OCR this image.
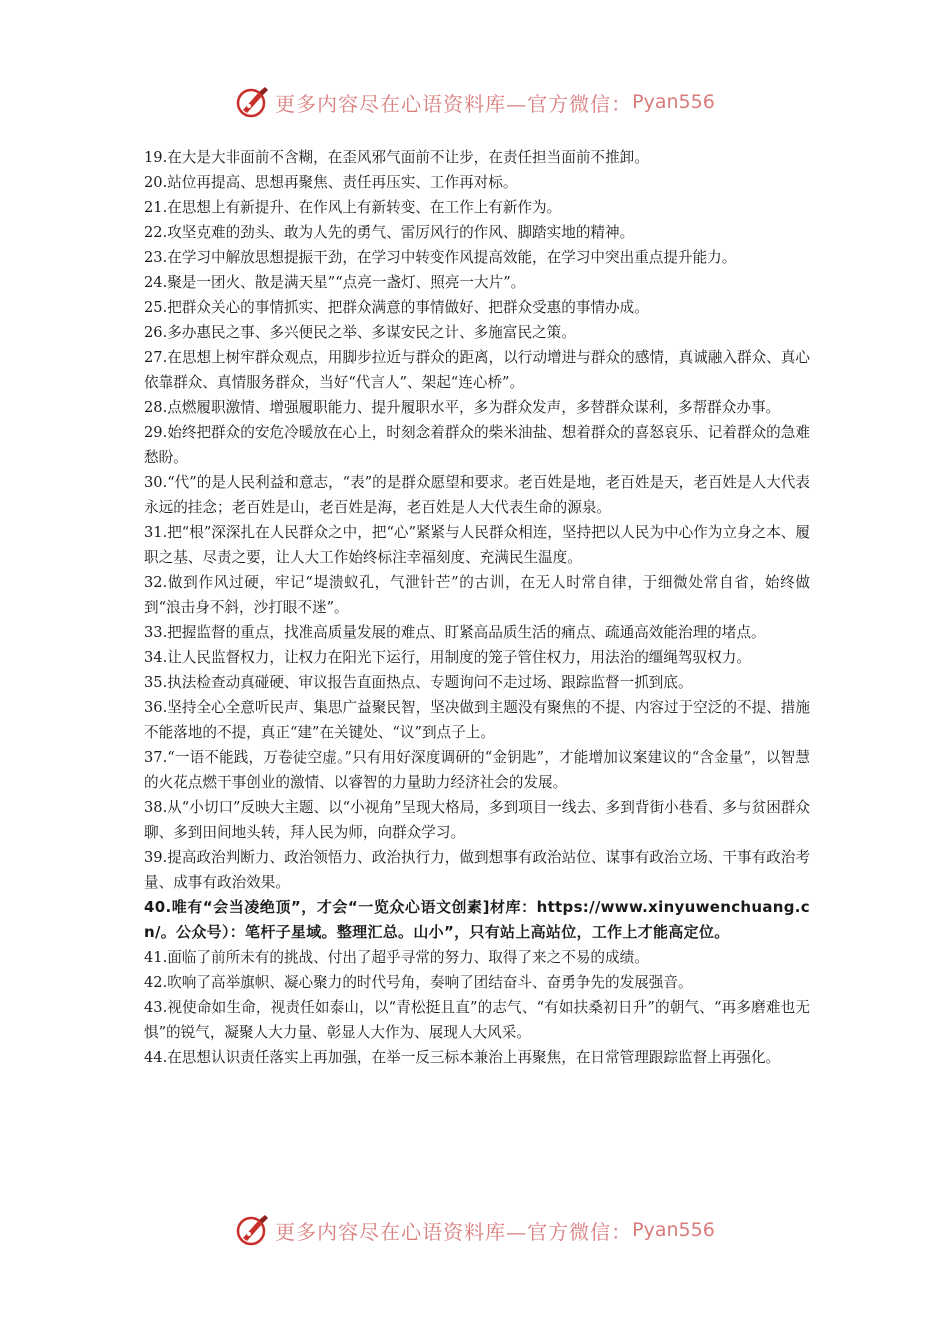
更多内容尽在心语资料库—官方微信： Pyan556

19.在大是大非面前不含糊，在歪风邪气面前不让步，在责任担当面前不推卸。

20.站位再提高、思想再聚焦、责任再压实、工作再对标。

21.在思想上有新提升、在作风上有新转变、在工作上有新作为。

22.攻坚克难的劲头、敢为人先的勇气、雷厉风行的作风、脚踏实地的精神。

23.在学习中解放思想提振干劲，在学习中转变作风提高效能，在学习中突出重点提升能力。

24.聚是一团火、散是满天星”“点亮一盏灯、照亮一大片”。

25.把群众关心的事情抓实、把群众满意的事情做好、把群众受惠的事情办成。

26.多办惠民之事、多兴便民之举、多谋安民之计、多施富民之策。

27.在思想上树牢群众观点，用脚步拉近与群众的距离，以行动增进与群众的感情，真诚融入群众、真心依靠群众、真情服务群众，当好“代言人”、架起“连心桥”。

28.点燃履职激情、增强履职能力、提升履职水平，多为群众发声，多替群众谋利，多帮群众办事。

29.始终把群众的安危冷暖放在心上，时刻念着群众的柴米油盐、想着群众的喜怒哀乐、记着群众的急难愁盼。

30.“代”的是人民利益和意志，“表”的是群众愿望和要求。老百姓是地，老百姓是天，老百姓是人大代表永远的挂念；老百姓是山，老百姓是海，老百姓是人大代表生命的源泉。

31.把“根”深深扎在人民群众之中，把“心”紧紧与人民群众相连，坚持把以人民为中心作为立身之本、履职之基、尽责之要，让人大工作始终标注幸福刻度、充满民生温度。

32.做到作风过硬，牢记“堤溃蚁孔，气泄针芒”的古训，在无人时常自律，于细微处常自省，始终做到“浪击身不斜，沙打眼不迷”。

33.把握监督的重点，找准高质量发展的难点、盯紧高品质生活的痛点、疏通高效能治理的堵点。

34.让人民监督权力，让权力在阳光下运行，用制度的笼子管住权力，用法治的缰绳驾驭权力。

35.执法检查动真碰硬、审议报告直面热点、专题询问不走过场、跟踪监督一抓到底。

36.坚持全心全意听民声、集思广益聚民智，坚决做到主题没有聚焦的不提、内容过于空泛的不提、措施不能落地的不提，真正“建”在关键处、“议”到点子上。

37.“一语不能践，万卷徒空虚。”只有用好深度调研的“金钥匙”，才能增加议案建议的“含金量”，以智慧的火花点燃干事创业的激情、以睿智的力量助力经济社会的发展。

38.从“小切口”反映大主题、以“小视角”呈现大格局，多到项目一线去、多到背街小巷看、多与贫困群众聊、多到田间地头转，拜人民为师，向群众学习。

39.提高政治判断力、政治领悟力、政治执行力，做到想事有政治站位、谋事有政治立场、干事有政治考量、成事有政治效果。

40.唯有“会当凌绝顶”，才会“一览众心语文创素]材库：https://www.xinyuwenchuang.cn/。公众号）：笔杆子星域。整理汇总。山小”，只有站上高站位，工作上才能高定位。

41.面临了前所未有的挑战、付出了超乎寻常的努力、取得了来之不易的成绩。

42.吹响了高举旗帜、凝心聚力的时代号角，奏响了团结奋斗、奋勇争先的发展强音。

43.视使命如生命，视责任如泰山，以“青松挺且直”的志气、“有如扶桑初日升”的朝气、“再多磨难也无惧”的锐气，凝聚人大力量、彰显人大作为、展现人大风采。

44.在思想认识责任落实上再加强，在举一反三标本兼治上再聚焦，在日常管理跟踪监督上再强化。

更多内容尽在心语资料库—官方微信： Pyan556
